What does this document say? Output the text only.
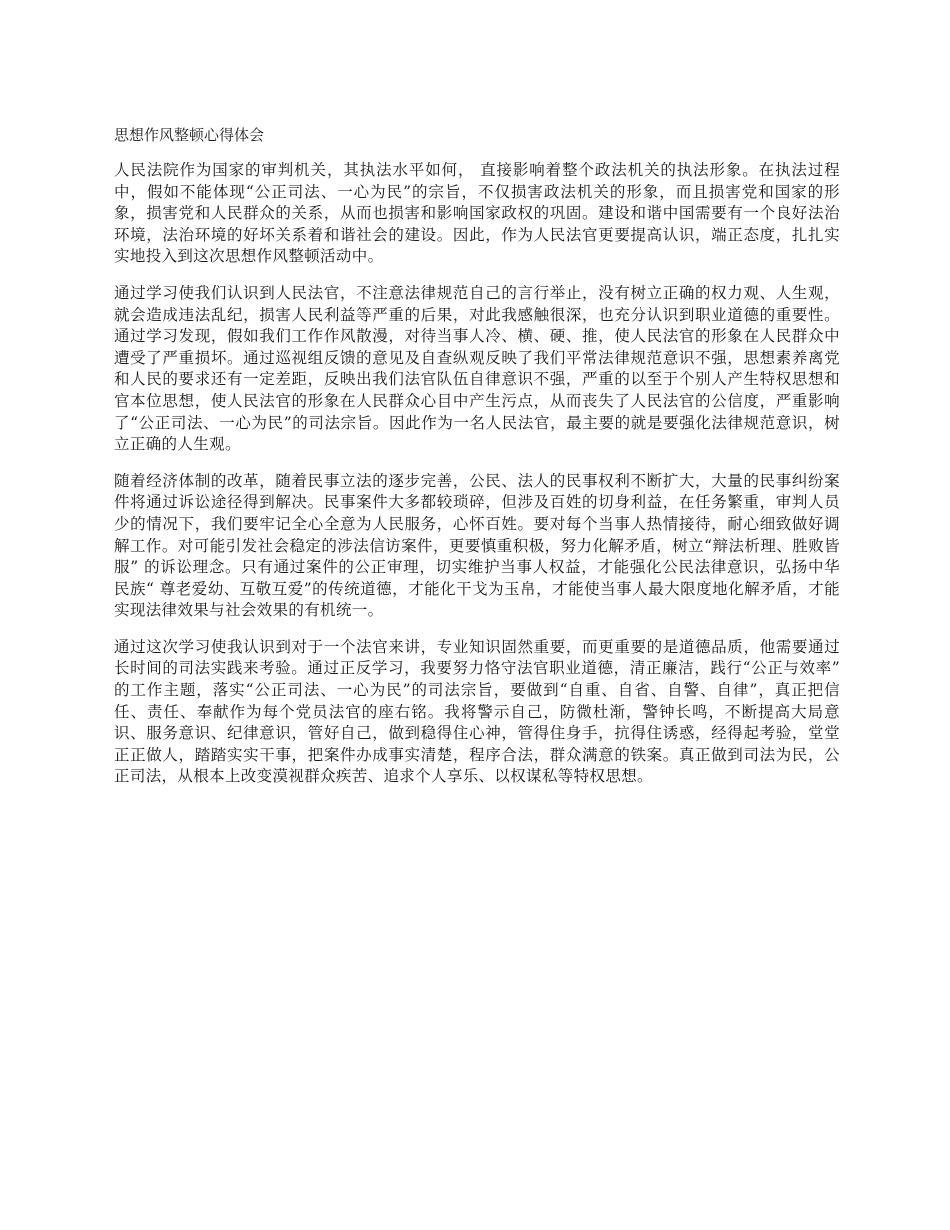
思想作风整顿心得体会

人民法院作为国家的审判机关，其执法水平如何， 直接影响着整个政法机关的执法形象。在执法过程中，假如不能体现“公正司法、一心为民”的宗旨，不仅损害政法机关的形象，而且损害党和国家的形象，损害党和人民群众的关系，从而也损害和影响国家政权的巩固。建设和谐中国需要有一个良好法治环境，法治环境的好坏关系着和谐社会的建设。因此，作为人民法官更要提高认识，端正态度，扎扎实实地投入到这次思想作风整顿活动中。

通过学习使我们认识到人民法官，不注意法律规范自己的言行举止，没有树立正确的权力观、人生观，就会造成违法乱纪，损害人民利益等严重的后果，对此我感触很深，也充分认识到职业道德的重要性。通过学习发现，假如我们工作作风散漫，对待当事人冷、横、硬、推，使人民法官的形象在人民群众中遭受了严重损坏。通过巡视组反馈的意见及自查纵观反映了我们平常法律规范意识不强，思想素养离党和人民的要求还有一定差距，反映出我们法官队伍自律意识不强，严重的以至于个别人产生特权思想和官本位思想，使人民法官的形象在人民群众心目中产生污点，从而丧失了人民法官的公信度，严重影响了“公正司法、一心为民”的司法宗旨。因此作为一名人民法官，最主要的就是要强化法律规范意识，树立正确的人生观。

随着经济体制的改革，随着民事立法的逐步完善，公民、法人的民事权利不断扩大，大量的民事纠纷案件将通过诉讼途径得到解决。民事案件大多都较琐碎，但涉及百姓的切身利益，在任务繁重，审判人员少的情况下，我们要牢记全心全意为人民服务，心怀百姓。要对每个当事人热情接待，耐心细致做好调解工作。对可能引发社会稳定的涉法信访案件，更要慎重积极，努力化解矛盾，树立“辩法析理、胜败皆服” 的诉讼理念。只有通过案件的公正审理，切实维护当事人权益，才能强化公民法律意识，弘扬中华民族“ 尊老爱幼、互敬互爱”的传统道德，才能化干戈为玉帛，才能使当事人最大限度地化解矛盾，才能实现法律效果与社会效果的有机统一。

通过这次学习使我认识到对于一个法官来讲，专业知识固然重要，而更重要的是道德品质，他需要通过长时间的司法实践来考验。通过正反学习，我要努力恪守法官职业道德，清正廉洁，践行“公正与效率” 的工作主题，落实“公正司法、一心为民”的司法宗旨，要做到“自重、自省、自警、自律”，真正把信任、责任、奉献作为每个党员法官的座右铭。我将警示自己，防微杜渐，警钟长鸣，不断提高大局意识、服务意识、纪律意识，管好自己，做到稳得住心神，管得住身手，抗得住诱惑，经得起考验，堂堂正正做人，踏踏实实干事，把案件办成事实清楚，程序合法，群众满意的铁案。真正做到司法为民，公正司法，从根本上改变漠视群众疾苦、追求个人享乐、以权谋私等特权思想。
